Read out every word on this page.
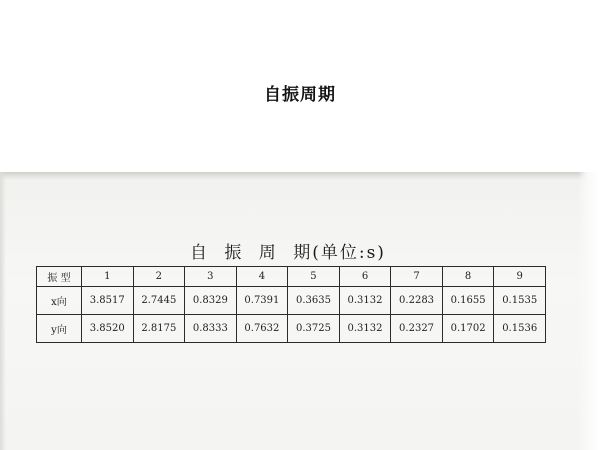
自振周期
自 振 周 期(单位:s)
振 型	1	2	3	4	5	6	7	8	9
x向	3.8517	2.7445	0.8329	0.7391	0.3635	0.3132	0.2283	0.1655	0.1535
y向	3.8520	2.8175	0.8333	0.7632	0.3725	0.3132	0.2327	0.1702	0.1536
